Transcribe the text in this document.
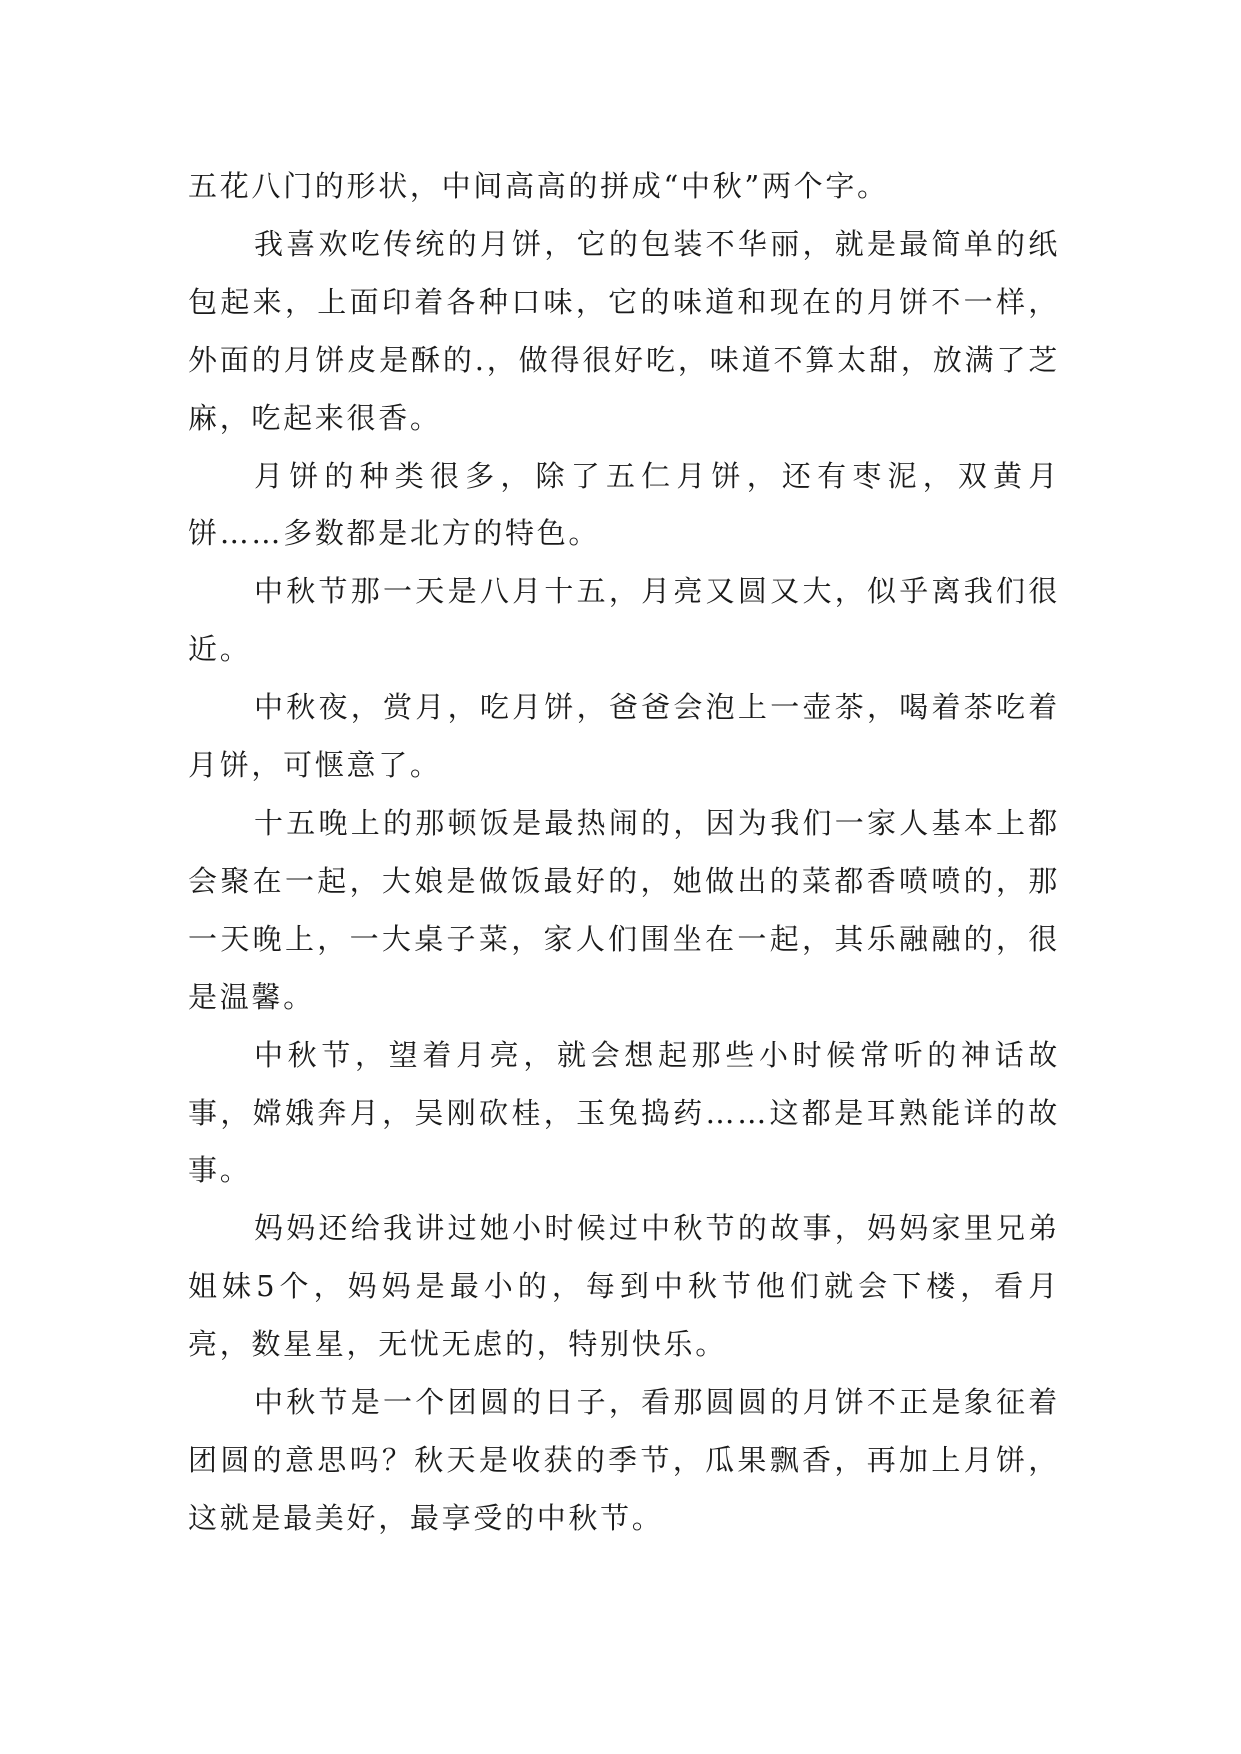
五花八门的形状，中间高高的拼成“中秋”两个字。

我喜欢吃传统的月饼，它的包装不华丽，就是最简单的纸包起来，上面印着各种口味，它的味道和现在的月饼不一样，外面的月饼皮是酥的.，做得很好吃，味道不算太甜，放满了芝麻，吃起来很香。

月饼的种类很多，除了五仁月饼，还有枣泥，双黄月饼……多数都是北方的特色。

中秋节那一天是八月十五，月亮又圆又大，似乎离我们很近。

中秋夜，赏月，吃月饼，爸爸会泡上一壶茶，喝着茶吃着月饼，可惬意了。

十五晚上的那顿饭是最热闹的，因为我们一家人基本上都会聚在一起，大娘是做饭最好的，她做出的菜都香喷喷的，那一天晚上，一大桌子菜，家人们围坐在一起，其乐融融的，很是温馨。

中秋节，望着月亮，就会想起那些小时候常听的神话故事，嫦娥奔月，吴刚砍桂，玉兔捣药……这都是耳熟能详的故事。

妈妈还给我讲过她小时候过中秋节的故事，妈妈家里兄弟姐妹5个，妈妈是最小的，每到中秋节他们就会下楼，看月亮，数星星，无忧无虑的，特别快乐。

中秋节是一个团圆的日子，看那圆圆的月饼不正是象征着团圆的意思吗？秋天是收获的季节，瓜果飘香，再加上月饼，这就是最美好，最享受的中秋节。
